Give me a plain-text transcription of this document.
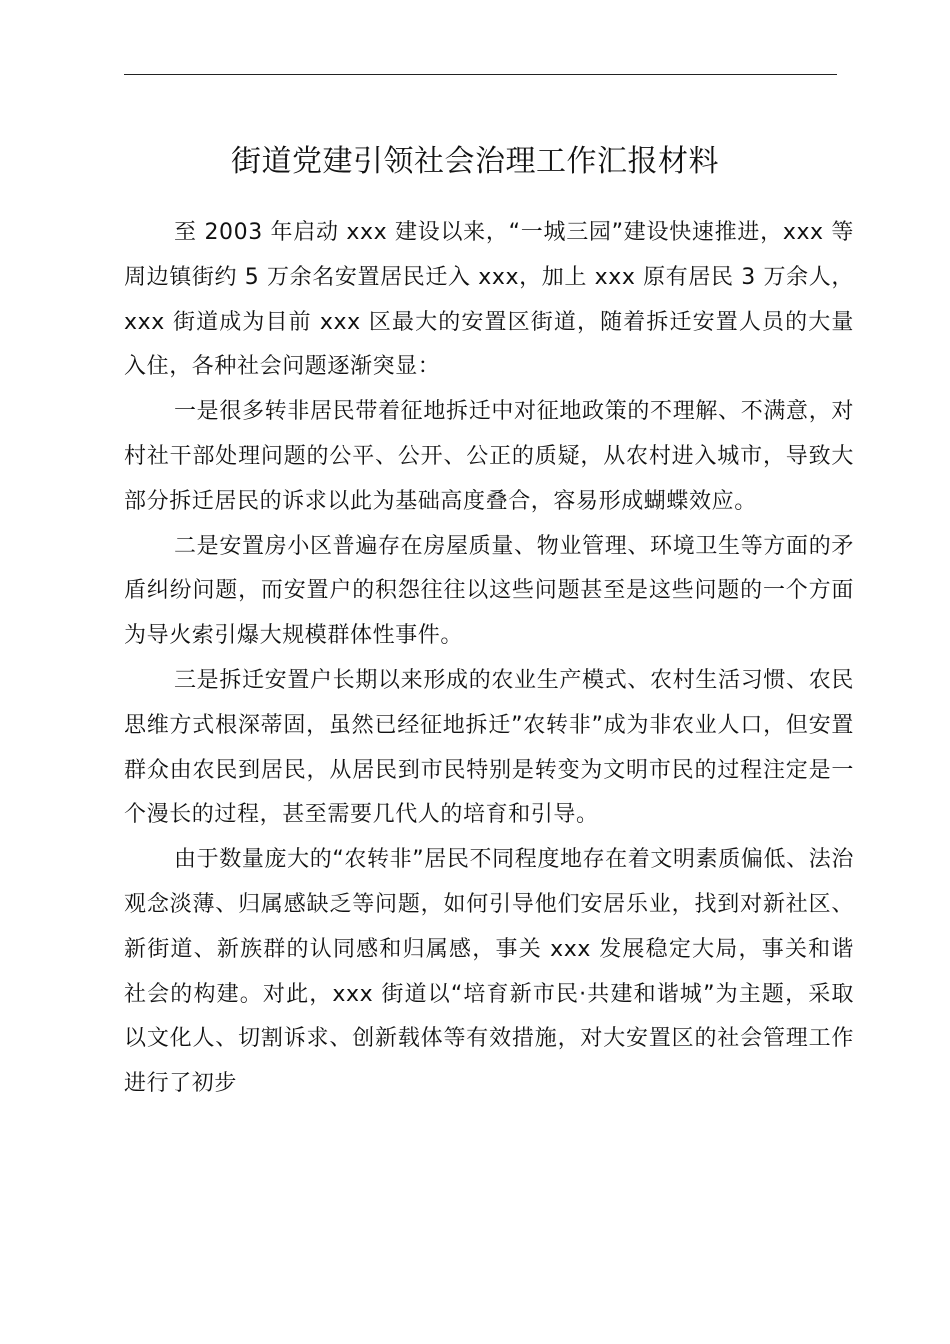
街道党建引领社会治理工作汇报材料

至 2003 年启动 xxx 建设以来，“一城三园”建设快速推进，xxx 等周边镇街约 5 万余名安置居民迁入 xxx，加上 xxx 原有居民 3 万余人，xxx 街道成为目前 xxx 区最大的安置区街道，随着拆迁安置人员的大量入住，各种社会问题逐渐突显：

一是很多转非居民带着征地拆迁中对征地政策的不理解、不满意，对村社干部处理问题的公平、公开、公正的质疑，从农村进入城市，导致大部分拆迁居民的诉求以此为基础高度叠合，容易形成蝴蝶效应。

二是安置房小区普遍存在房屋质量、物业管理、环境卫生等方面的矛盾纠纷问题，而安置户的积怨往往以这些问题甚至是这些问题的一个方面为导火索引爆大规模群体性事件。

三是拆迁安置户长期以来形成的农业生产模式、农村生活习惯、农民思维方式根深蒂固，虽然已经征地拆迁”农转非”成为非农业人口，但安置群众由农民到居民，从居民到市民特别是转变为文明市民的过程注定是一个漫长的过程，甚至需要几代人的培育和引导。

由于数量庞大的“农转非”居民不同程度地存在着文明素质偏低、法治观念淡薄、归属感缺乏等问题，如何引导他们安居乐业，找到对新社区、新街道、新族群的认同感和归属感，事关 xxx 发展稳定大局，事关和谐社会的构建。对此，xxx 街道以“培育新市民·共建和谐城”为主题，采取以文化人、切割诉求、创新载体等有效措施，对大安置区的社会管理工作进行了初步
